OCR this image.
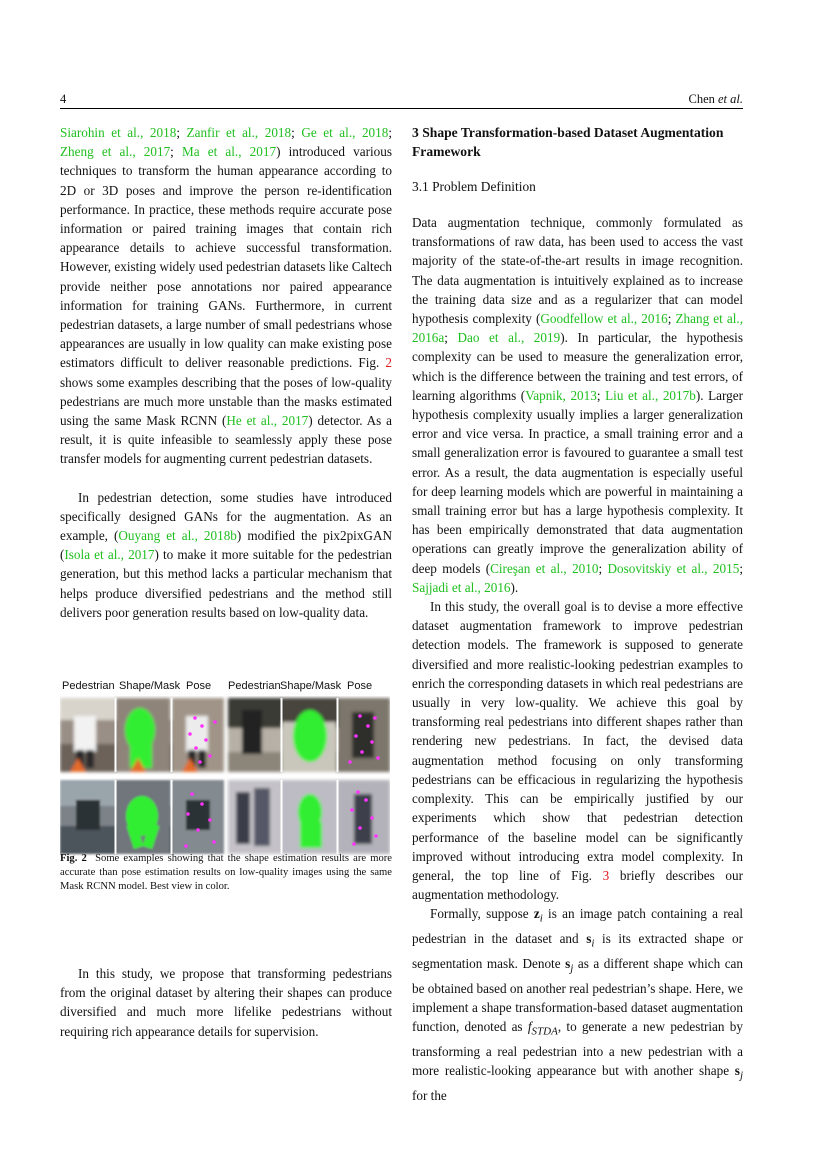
4	Chen et al.

Siarohin et al., 2018; Zanfir et al., 2018; Ge et al., 2018; Zheng et al., 2017; Ma et al., 2017) introduced various techniques to transform the human appearance according to 2D or 3D poses and improve the person re-identification performance. In practice, these methods require accurate pose information or paired training images that contain rich appearance details to achieve successful transformation. However, existing widely used pedestrian datasets like Caltech provide neither pose annotations nor paired appearance information for training GANs. Furthermore, in current pedestrian datasets, a large number of small pedestrians whose appearances are usually in low quality can make existing pose estimators difficult to deliver reasonable predictions. Fig. 2 shows some examples describing that the poses of low-quality pedestrians are much more unstable than the masks estimated using the same Mask RCNN (He et al., 2017) detector. As a result, it is quite infeasible to seamlessly apply these pose transfer models for augmenting current pedestrian datasets.

In pedestrian detection, some studies have introduced specifically designed GANs for the augmentation. As an example, (Ouyang et al., 2018b) modified the pix2pixGAN (Isola et al., 2017) to make it more suitable for the pedestrian generation, but this method lacks a particular mechanism that helps produce diversified pedestrians and the method still delivers poor generation results based on low-quality data.

Pedestrian Shape/Mask Pose Pedestrian Shape/Mask Pose
Fig. 2 Some examples showing that the shape estimation results are more accurate than pose estimation results on low-quality images using the same Mask RCNN model. Best view in color.

In this study, we propose that transforming pedestrians from the original dataset by altering their shapes can produce diversified and much more lifelike pedestrians without requiring rich appearance details for supervision.

3 Shape Transformation-based Dataset Augmentation Framework

3.1 Problem Definition

Data augmentation technique, commonly formulated as transformations of raw data, has been used to access the vast majority of the state-of-the-art results in image recognition. The data augmentation is intuitively explained as to increase the training data size and as a regularizer that can model hypothesis complexity (Goodfellow et al., 2016; Zhang et al., 2016a; Dao et al., 2019). In particular, the hypothesis complexity can be used to measure the generalization error, which is the difference between the training and test errors, of learning algorithms (Vapnik, 2013; Liu et al., 2017b). Larger hypothesis complexity usually implies a larger generalization error and vice versa. In practice, a small training error and a small generalization error is favoured to guarantee a small test error. As a result, the data augmentation is especially useful for deep learning models which are powerful in maintaining a small training error but has a large hypothesis complexity. It has been empirically demonstrated that data augmentation operations can greatly improve the generalization ability of deep models (Cireşan et al., 2010; Dosovitskiy et al., 2015; Sajjadi et al., 2016).

In this study, the overall goal is to devise a more effective dataset augmentation framework to improve pedestrian detection models. The framework is supposed to generate diversified and more realistic-looking pedestrian examples to enrich the corresponding datasets in which real pedestrians are usually in very low-quality. We achieve this goal by transforming real pedestrians into different shapes rather than rendering new pedestrians. In fact, the devised data augmentation method focusing on only transforming pedestrians can be efficacious in regularizing the hypothesis complexity. This can be empirically justified by our experiments which show that pedestrian detection performance of the baseline model can be significantly improved without introducing extra model complexity. In general, the top line of Fig. 3 briefly describes our augmentation methodology.

Formally, suppose $z_i$ is an image patch containing a real pedestrian in the dataset and $s_i$ is its extracted shape or segmentation mask. Denote $s_j$ as a different shape which can be obtained based on another real pedestrian’s shape. Here, we implement a shape transformation-based dataset augmentation function, denoted as $f_{STDA}$, to generate a new pedestrian by transforming a real pedestrian into a new pedestrian with a more realistic-looking appearance but with another shape $s_j$ for the
